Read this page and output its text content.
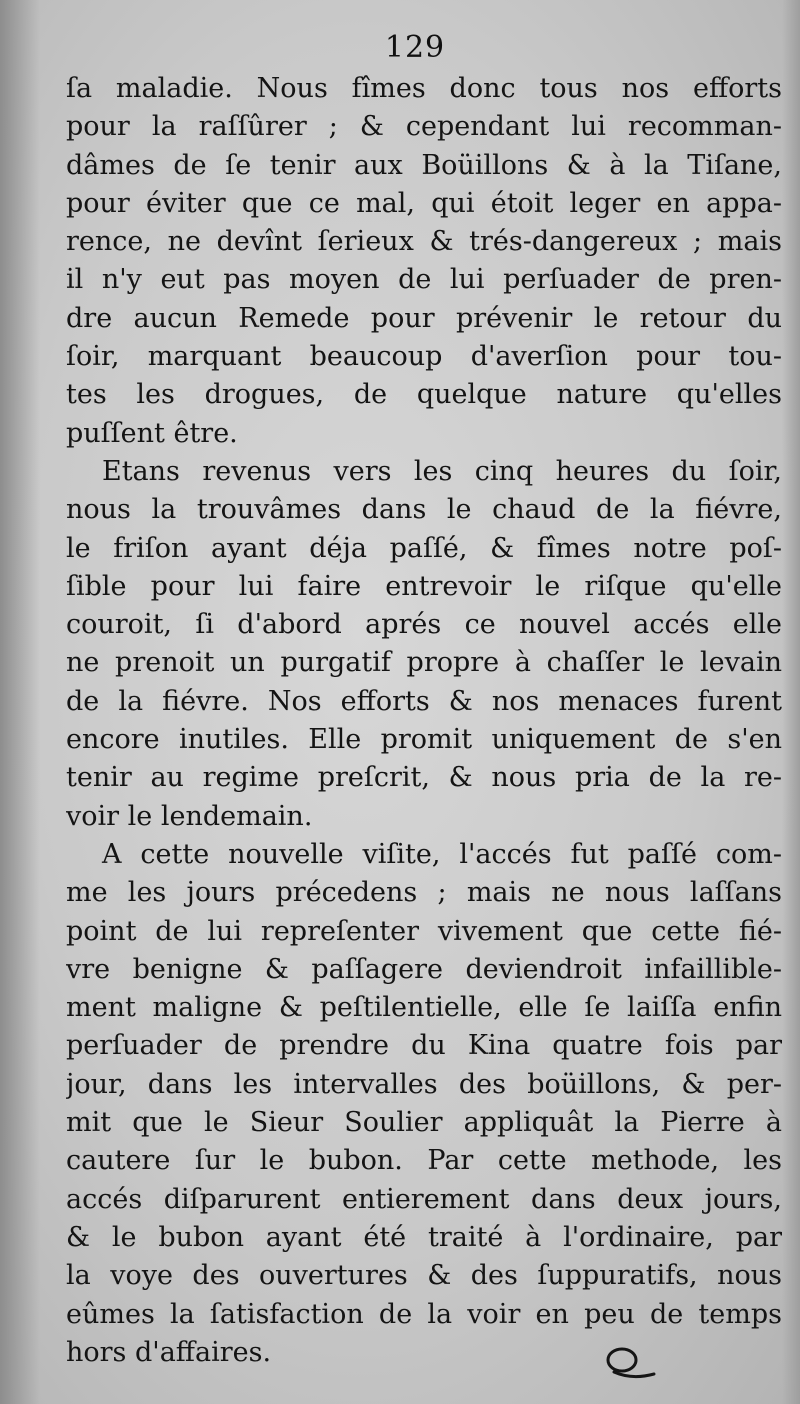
129
ſa maladie. Nous fîmes donc tous nos efforts
pour la raſſûrer ; & cependant lui recomman-
dâmes de ſe tenir aux Boüillons & à la Tiſane,
pour éviter que ce mal, qui étoit leger en appa-
rence, ne devînt ſerieux & trés-dangereux ; mais
il n'y eut pas moyen de lui perſuader de pren-
dre aucun Remede pour prévenir le retour du
ſoir, marquant beaucoup d'averſion pour tou-
tes les drogues, de quelque nature qu'elles
puſſent être.
Etans revenus vers les cinq heures du ſoir,
nous la trouvâmes dans le chaud de la fiévre,
le friſon ayant déja paſſé, & fîmes notre poſ-
ſible pour lui faire entrevoir le riſque qu'elle
couroit, ſi d'abord aprés ce nouvel accés elle
ne prenoit un purgatif propre à chaſſer le levain
de la fiévre. Nos efforts & nos menaces furent
encore inutiles. Elle promit uniquement de s'en
tenir au regime preſcrit, & nous pria de la re-
voir le lendemain.
A cette nouvelle viſite, l'accés fut paſſé com-
me les jours précedens ; mais ne nous laſſans
point de lui repreſenter vivement que cette fié-
vre benigne & paſſagere deviendroit infaillible-
ment maligne & peſtilentielle, elle ſe laiſſa enfin
perſuader de prendre du Kina quatre fois par
jour, dans les intervalles des boüillons, & per-
mit que le Sieur Soulier appliquât la Pierre à
cautere ſur le bubon. Par cette methode, les
accés diſparurent entierement dans deux jours,
& le bubon ayant été traité à l'ordinaire, par
la voye des ouvertures & des ſuppuratifs, nous
eûmes la ſatisfaction de la voir en peu de temps
hors d'affaires.
